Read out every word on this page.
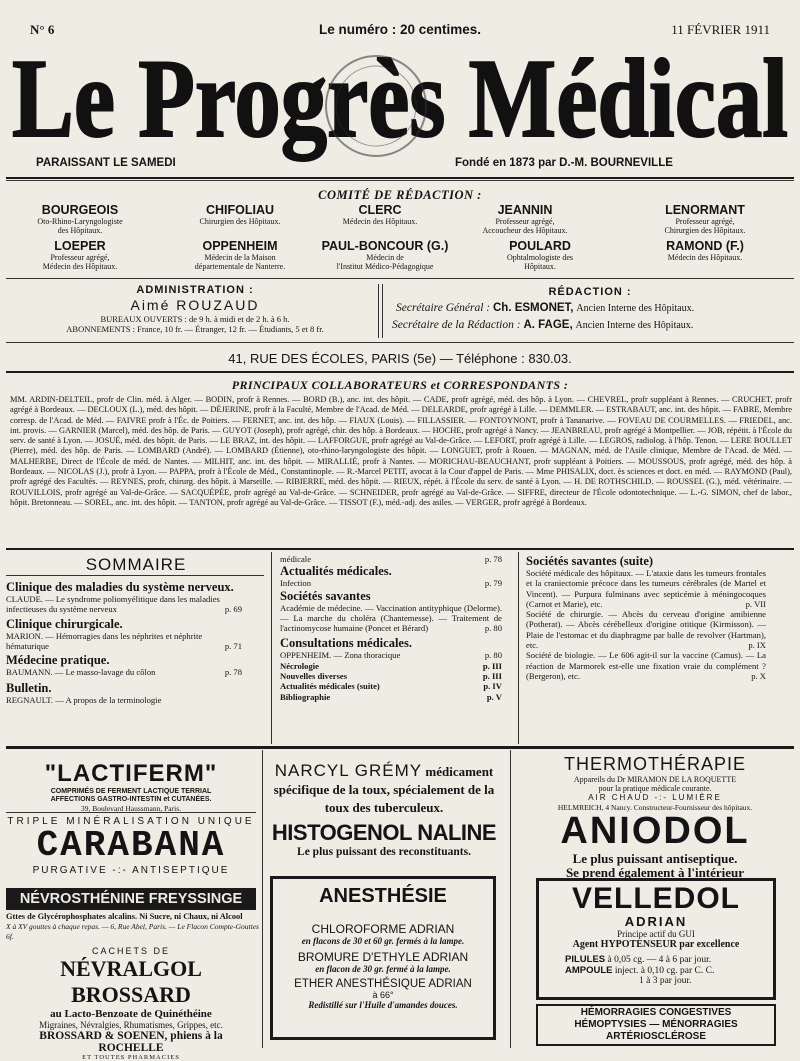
N° 6	Le numéro : 20 centimes.	11 FÉVRIER 1911
Le Progrès Médical
PARAISSANT LE SAMEDI	Fondé en 1873 par D.-M. BOURNEVILLE
COMITÉ DE RÉDACTION :
BOURGEOIS
Oto-Rhino-Laryngologiste
des Hôpitaux.
CHIFOLIAU
Chirurgien des Hôpitaux.
CLERC
Médecin des Hôpitaux.
JEANNIN
Professeur agrégé,
Accoucheur des Hôpitaux.
LENORMANT
Professeur agrégé,
Chirurgien des Hôpitaux.
LOEPER
Professeur agrégé,
Médecin des Hôpitaux.
OPPENHEIM
Médecin de la Maison
départementale de Nanterre.
PAUL-BONCOUR (G.)
Médecin de
l'Institut Médico-Pédagogique
POULARD
Ophtalmologiste des
Hôpitaux.
RAMOND (F.)
Médecin des Hôpitaux.
ADMINISTRATION :
Aimé ROUZAUD
BUREAUX OUVERTS : de 9 h. à midi et de 2 h. à 6 h.
ABONNEMENTS : France, 10 fr. — Étranger, 12 fr. — Étudiants, 5 et 8 fr.
RÉDACTION :
Secrétaire Général : Ch. ESMONET, Ancien Interne des Hôpitaux.
Secrétaire de la Rédaction : A. FAGE, Ancien Interne des Hôpitaux.
41, RUE DES ÉCOLES, PARIS (5e) — Téléphone : 830.03.
PRINCIPAUX COLLABORATEURS et CORRESPONDANTS :
MM. ARDIN-DELTEIL, profr de Clin. méd. à Alger. — BODIN, profr à Rennes. — BORD (B.), anc. int. des hôpit. — CADE, profr agrégé, méd. des hôp. à Lyon. — CHEVREL, profr suppléant à Rennes. — CRUCHET, profr agrégé à Bordeaux. — DECLOUX (L.), méd. des hôpit. — DÉJERINE, profr à la Faculté, Membre de l'Acad. de Méd. — DELEARDE, profr agrégé à Lille. — DEMMLER. — ESTRABAUT, anc. int. des hôpit. — FABRE, Membre corresp. de l'Acad. de Méd. — FAIVRE profr à l'Éc. de Poitiers. — FERNET, anc. int. des hôp. — FIAUX (Louis). — FILLASSIER. — FONTOYNONT, profr à Tananarive. — FOVEAU DE COURMELLES. — FRIEDEL, anc. int. provis. — GARNIER (Marcel), méd. des hôp. de Paris. — GUYOT (Joseph), profr agrégé, chir. des hôp. à Bordeaux. — HOCHE, profr agrégé à Nancy. — JEANBREAU, profr agrégé à Montpellier. — JOB, répétit. à l'École du serv. de santé à Lyon. — JOSUÉ, méd. des hôpit. de Paris. — LE BRAZ, int. des hôpit. — LAFFORGUE, profr agrégé au Val-de-Grâce. — LEFORT, profr agrégé à Lille. — LEGROS, radiolog. à l'hôp. Tenon. — LERE BOULLET (Pierre), méd. des hôp. de Paris. — LOMBARD (André). — LOMBARD (Étienne), oto-rhino-laryngologiste des hôpit. — LONGUET, profr à Rouen. — MAGNAN, méd. de l'Asile clinique, Membre de l'Acad. de Méd. — MALHERBE, Direct de l'École de méd. de Nantes. — MILHIT, anc. int. des hôpit. — MIRALLIÉ, profr à Nantes. — MORICHAU-BEAUCHANT, profr suppléant à Poitiers. — MOUSSOUS, profr agrégé, méd. des hôp. à Bordeaux. — NICOLAS (J.), profr à Lyon. — PAPPA, profr à l'École de Méd., Constantinople. — R.-Marcel PETIT, avocat à la Cour d'appel de Paris. — Mme PHISALIX, doct. ès sciences et doct. en méd. — RAYMOND (Paul), profr agrégé des Facultés. — REYNES, profr, chirurg. des hôpit. à Marseille. — RIBIERRE, méd. des hôpit. — RIEUX, répét. à l'École du serv. de santé à Lyon. — H. DE ROTHSCHILD. — ROUSSEL (G.), méd. vétérinaire. — ROUVILLOIS, profr agrégé au Val-de-Grâce. — SACQUÉPÉE, profr agrégé au Val-de-Grâce. — SCHNEIDER, profr agrégé au Val-de-Grâce. — SIFFRE, directeur de l'École odontotechnique. — L.-G. SIMON, chef de labor., hôpit. Bretonneau. — SOREL, anc. int. des hôpit. — TANTON, profr agrégé au Val-de-Grâce. — TISSOT (F.), méd.-adj. des asiles. — VERGER, profr agrégé à Bordeaux.
SOMMAIRE
Clinique des maladies du système nerveux.
CLAUDE. — Le syndrome poliomyélitique dans les maladies infectieuses du système nerveux	p. 69
Clinique chirurgicale.
MARION. — Hémorragies dans les néphrites et néphrite hématurique	p. 71
Médecine pratique.
BAUMANN. — Le masso-lavage du côlon	p. 78
Bulletin.
REGNAULT. — A propos de la terminologie
médicale	p. 78
Actualités médicales.
Infection	p. 79
Sociétés savantes
Académie de médecine. — Vaccination antityphique (Delorme). — La marche du choléra (Chantemesse). — Traitement de l'actinomycose humaine (Poncet et Bérard)	p. 80
Consultations médicales.
OPPENHEIM. — Zona thoracique	p. 80
Nécrologie	p. III
Nouvelles diverses	p. III
Actualités médicales (suite)	p. IV
Bibliographie	p. V
Sociétés savantes (suite)
Société médicale des hôpitaux. — L'ataxie dans les tumeurs frontales et la craniectomie précoce dans les tumeurs cérébrales (de Martel et Vincent). — Purpura fulminans avec septicémie à méningocoques (Carnot et Marie), etc.	p. VII
Société de chirurgie. — Abcès du cerveau d'origine amibienne (Potherat). — Abcès cérébelleux d'origine otitique (Kirmisson). — Plaie de l'estomac et du diaphragme par balle de revolver (Hartman), etc.	p. IX
Société de biologie. — Le 606 agit-il sur la vaccine (Camus). — La réaction de Marmorek est-elle une fixation vraie du complément ? (Bergeron), etc.	p. X
"LACTIFERM"
COMPRIMÉS DE FERMENT LACTIQUE TERRIAL
AFFECTIONS GASTRO-INTESTIN et CUTANÉES.
39, Boulevard Haussmann, Paris.
TRIPLE MINÉRALISATION UNIQUE
CARABANA
PURGATIVE -:- ANTISEPTIQUE
NÉVROSTHÉNINE FREYSSINGE
Gttes de Glycérophosphates alcalins. Ni Sucre, ni Chaux, ni Alcool
X à XV gouttes à chaque repas. — 6, Rue Abel, Paris. — Le Flacon Compte-Gouttes 6f.
CACHETS DE
NÉVRALGOL BROSSARD
au Lacto-Benzoate de Quinéthéine
Migraines, Névralgies, Rhumatismes, Grippes, etc.
BROSSARD & SOENEN, phiens à la ROCHELLE
ET TOUTES PHARMACIES
NARCYL GRÉMY médicament spécifique de la toux, spécialement de la toux des tuberculeux.
HISTOGENOL NALINE
Le plus puissant des reconstituants.
ANESTHÉSIE
CHLOROFORME ADRIAN
en flacons de 30 et 60 gr. fermés à la lampe.
BROMURE D'ETHYLE ADRIAN
en flacon de 30 gr. fermé à la lampe.
ETHER ANESTHÉSIQUE ADRIAN
à 66°
Redistillé sur l'Huile d'amandes douces.
THERMOTHÉRAPIE
Appareils du Dr MIRAMON DE LA ROQUETTE
pour la pratique médicale courante.
AIR CHAUD -:- LUMIÈRE
HELMREICH, 4 Nancy. Constructeur-Fournisseur des hôpitaux.
ANIODOL
Le plus puissant antiseptique.
Se prend également à l'intérieur
VELLEDOL
ADRIAN
Principe actif du GUI
Agent HYPOTENSEUR par excellence
PILULES à 0,05 cg. — 4 à 6 par jour.
AMPOULE inject. à 0,10 cg. par C. C.
1 à 3 par jour.
HÉMORRAGIES CONGESTIVES
HÉMOPTYSIES — MÉNORRAGIES
ARTÉRIOSCLÉROSE
